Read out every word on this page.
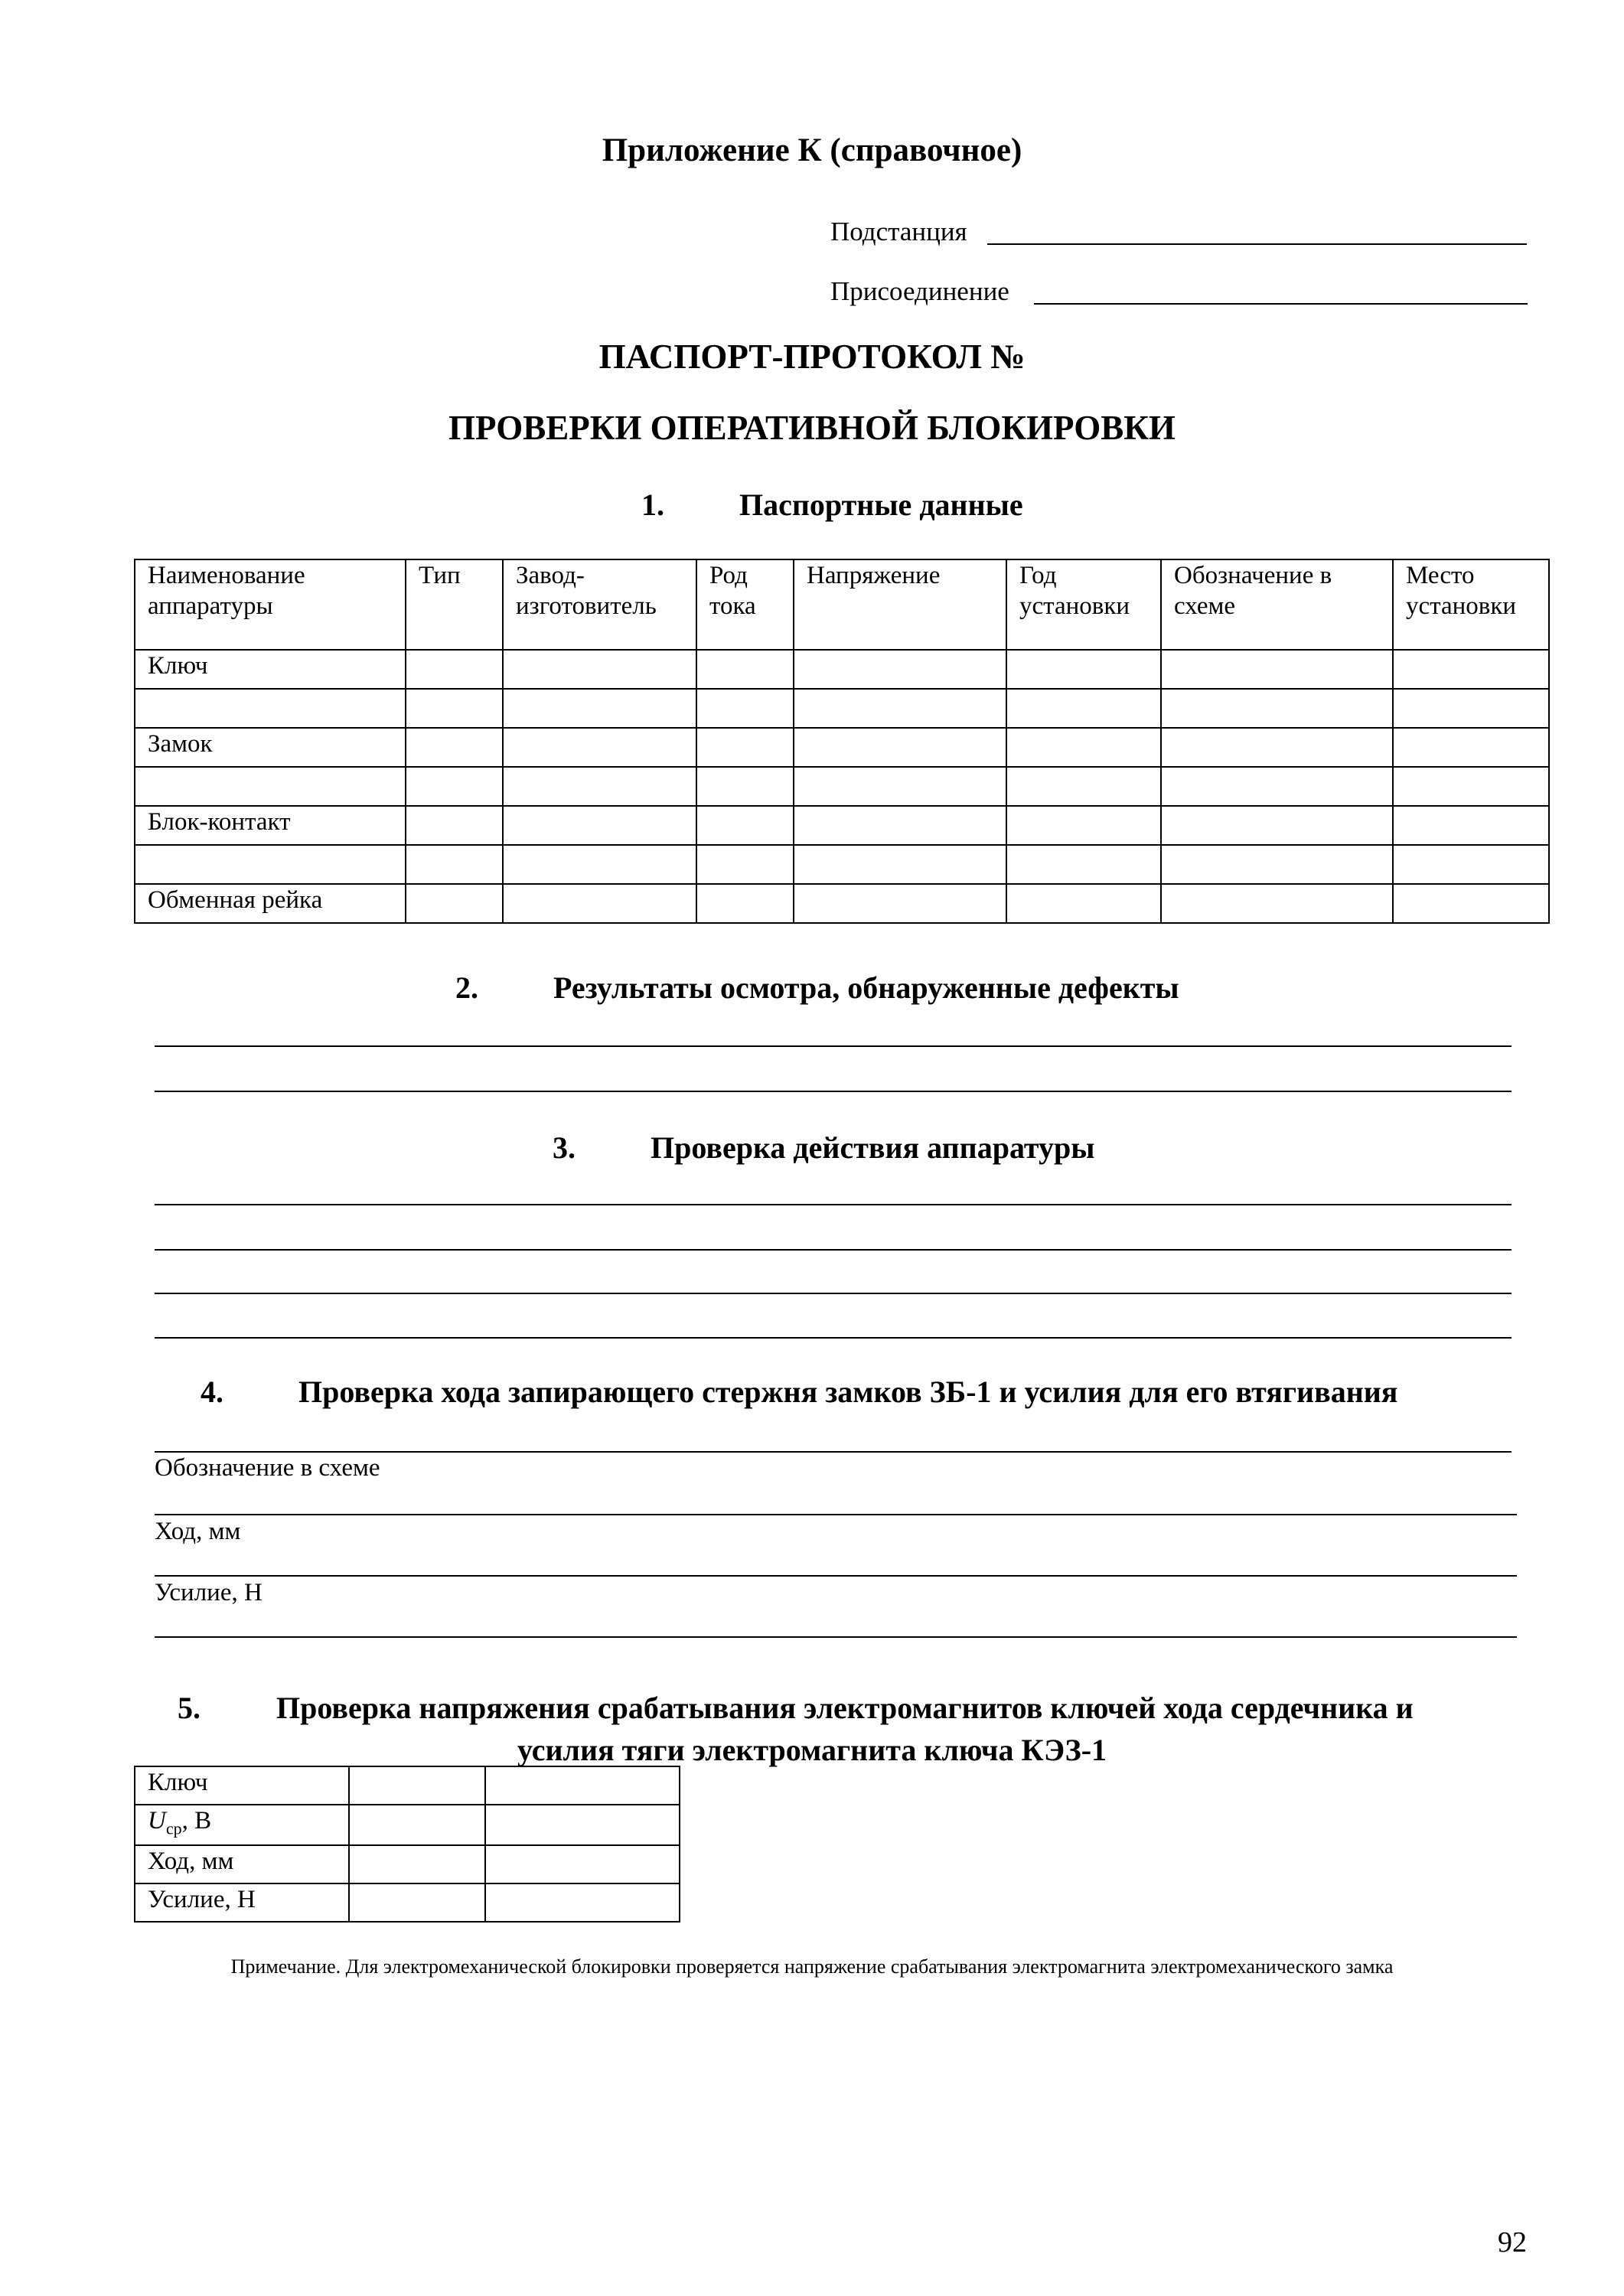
Приложение К (справочное)
Подстанция
Присоединение
ПАСПОРТ-ПРОТОКОЛ №
ПРОВЕРКИ ОПЕРАТИВНОЙ БЛОКИРОВКИ
1. Паспортные данные
Наименование аппаратуры	Тип	Завод-изготовитель	Род тока	Напряжение	Год установки	Обозначение в схеме	Место установки
Ключ							

Замок							

Блок-контакт							

Обменная рейка							
2. Результаты осмотра, обнаруженные дефекты
3. Проверка действия аппаратуры
4. Проверка хода запирающего стержня замков ЗБ-1 и усилия для его втягивания
Обозначение в схеме
Ход, мм
Усилие, Н
5. Проверка напряжения срабатывания электромагнитов ключей хода сердечника и
усилия тяги электромагнита ключа КЭЗ-1
Ключ		
$U_{ср}$, В		
Ход, мм		
Усилие, Н		
Примечание. Для электромеханической блокировки проверяется напряжение срабатывания электромагнита электромеханического замка
92
